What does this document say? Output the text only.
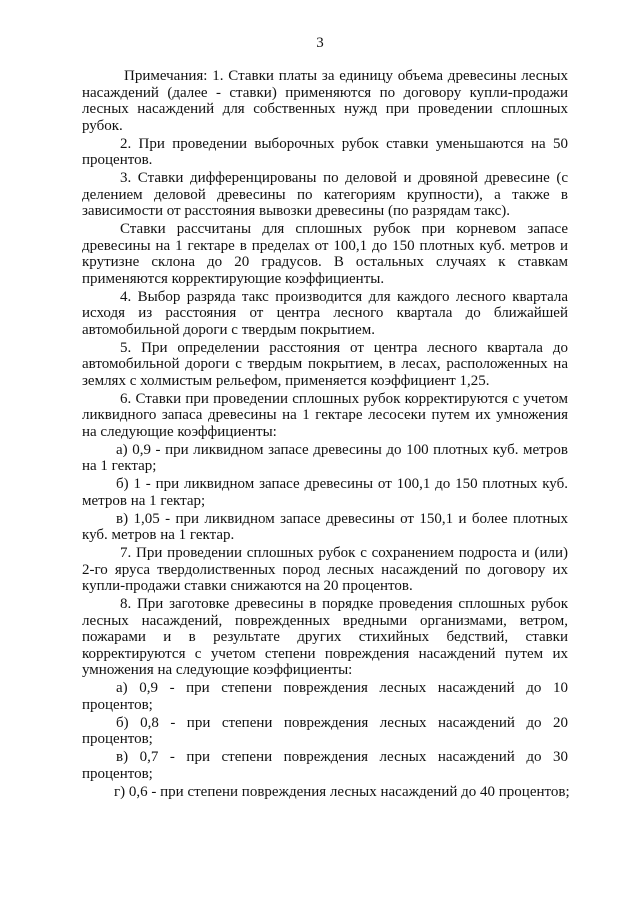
3

Примечания: 1. Ставки платы за единицу объема древесины лесных насаждений (далее - ставки) применяются по договору купли-продажи лесных насаждений для собственных нужд при проведении сплошных рубок.

2. При проведении выборочных рубок ставки уменьшаются на 50 процентов.

3. Ставки дифференцированы по деловой и дровяной древесине (с делением деловой древесины по категориям крупности), а также в зависимости от расстояния вывозки древесины (по разрядам такс).

Ставки рассчитаны для сплошных рубок при корневом запасе древесины на 1 гектаре в пределах от 100,1 до 150 плотных куб. метров и крутизне склона до 20 градусов. В остальных случаях к ставкам применяются корректирующие коэффициенты.

4. Выбор разряда такс производится для каждого лесного квартала исходя из расстояния от центра лесного квартала до ближайшей автомобильной дороги с твердым покрытием.

5. При определении расстояния от центра лесного квартала до автомобильной дороги с твердым покрытием, в лесах, расположенных на землях с холмистым рельефом, применяется коэффициент 1,25.

6. Ставки при проведении сплошных рубок корректируются с учетом ликвидного запаса древесины на 1 гектаре лесосеки путем их умножения на следующие коэффициенты:

а) 0,9 - при ликвидном запасе древесины до 100 плотных куб. метров на 1 гектар;

б) 1 - при ликвидном запасе древесины от 100,1 до 150 плотных куб. метров на 1 гектар;

в) 1,05 - при ликвидном запасе древесины от 150,1 и более плотных куб. метров на 1 гектар.

7. При проведении сплошных рубок с сохранением подроста и (или) 2-го яруса твердолиственных пород лесных насаждений по договору их купли-продажи ставки снижаются на 20 процентов.

8. При заготовке древесины в порядке проведения сплошных рубок лесных насаждений, поврежденных вредными организмами, ветром, пожарами и в результате других стихийных бедствий, ставки корректируются с учетом степени повреждения насаждений путем их умножения на следующие коэффициенты:

а) 0,9 - при степени повреждения лесных насаждений до 10 процентов;

б) 0,8 - при степени повреждения лесных насаждений до 20 процентов;

в) 0,7 - при степени повреждения лесных насаждений до 30 процентов;

г) 0,6 - при степени повреждения лесных насаждений до 40 процентов;
